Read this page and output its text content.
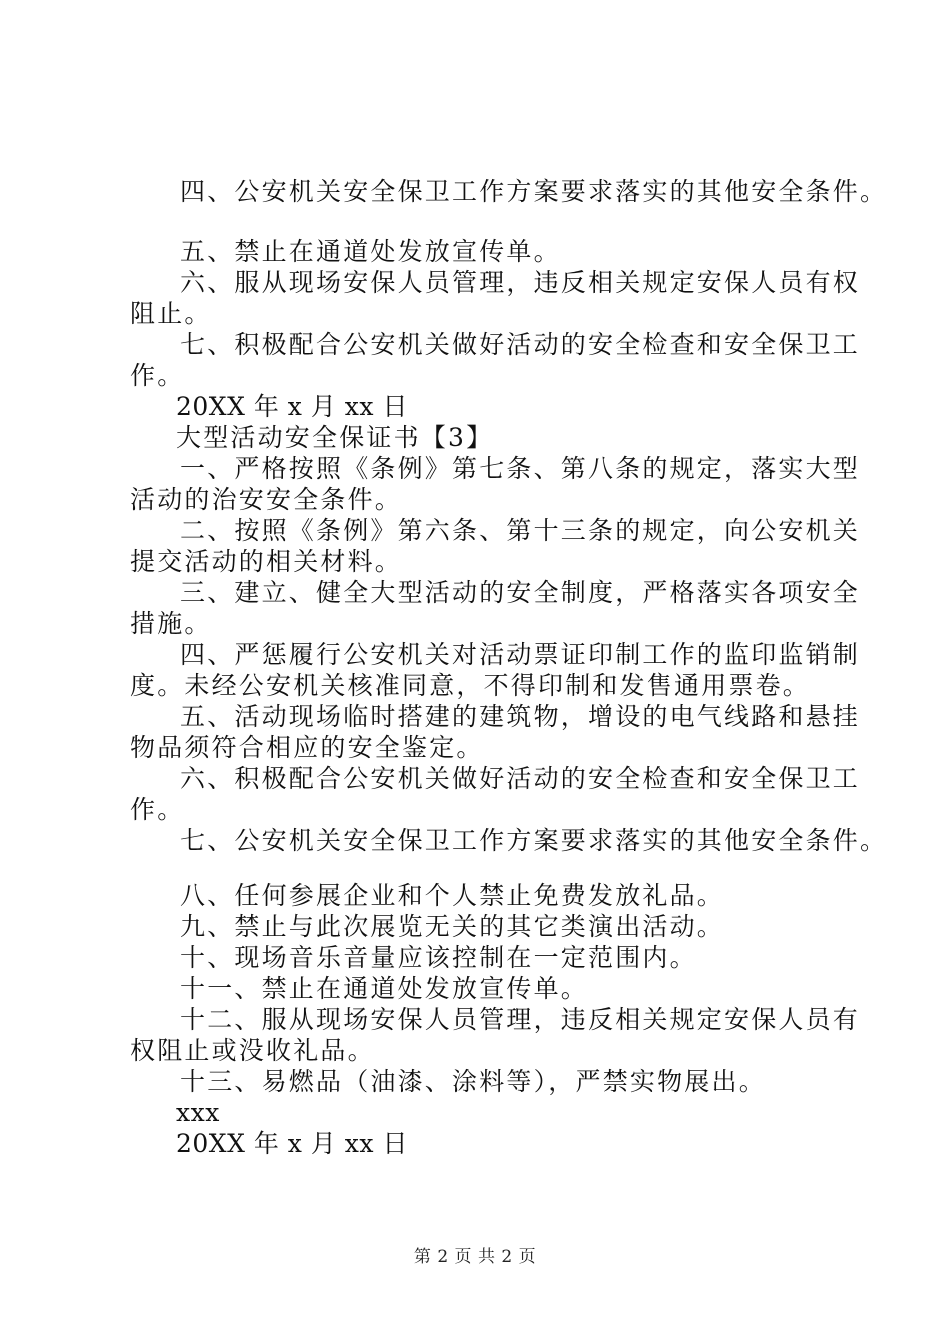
四、公安机关安全保卫工作方案要求落实的其他安全条件。
五、禁止在通道处发放宣传单。
六、服从现场安保人员管理，违反相关规定安保人员有权
阻止。
七、积极配合公安机关做好活动的安全检查和安全保卫工
作。
20XX 年 x 月 xx 日
大型活动安全保证书【3】
一、严格按照《条例》第七条、第八条的规定，落实大型
活动的治安安全条件。
二、按照《条例》第六条、第十三条的规定，向公安机关
提交活动的相关材料。
三、建立、健全大型活动的安全制度，严格落实各项安全
措施。
四、严惩履行公安机关对活动票证印制工作的监印监销制
度。未经公安机关核准同意，不得印制和发售通用票卷。
五、活动现场临时搭建的建筑物，增设的电气线路和悬挂
物品须符合相应的安全鉴定。
六、积极配合公安机关做好活动的安全检查和安全保卫工
作。
七、公安机关安全保卫工作方案要求落实的其他安全条件。
八、任何参展企业和个人禁止免费发放礼品。
九、禁止与此次展览无关的其它类演出活动。
十、现场音乐音量应该控制在一定范围内。
十一、禁止在通道处发放宣传单。
十二、服从现场安保人员管理，违反相关规定安保人员有
权阻止或没收礼品。
十三、易燃品（油漆、涂料等），严禁实物展出。
xxx
20XX 年 x 月 xx 日
第 2 页 共 2 页
